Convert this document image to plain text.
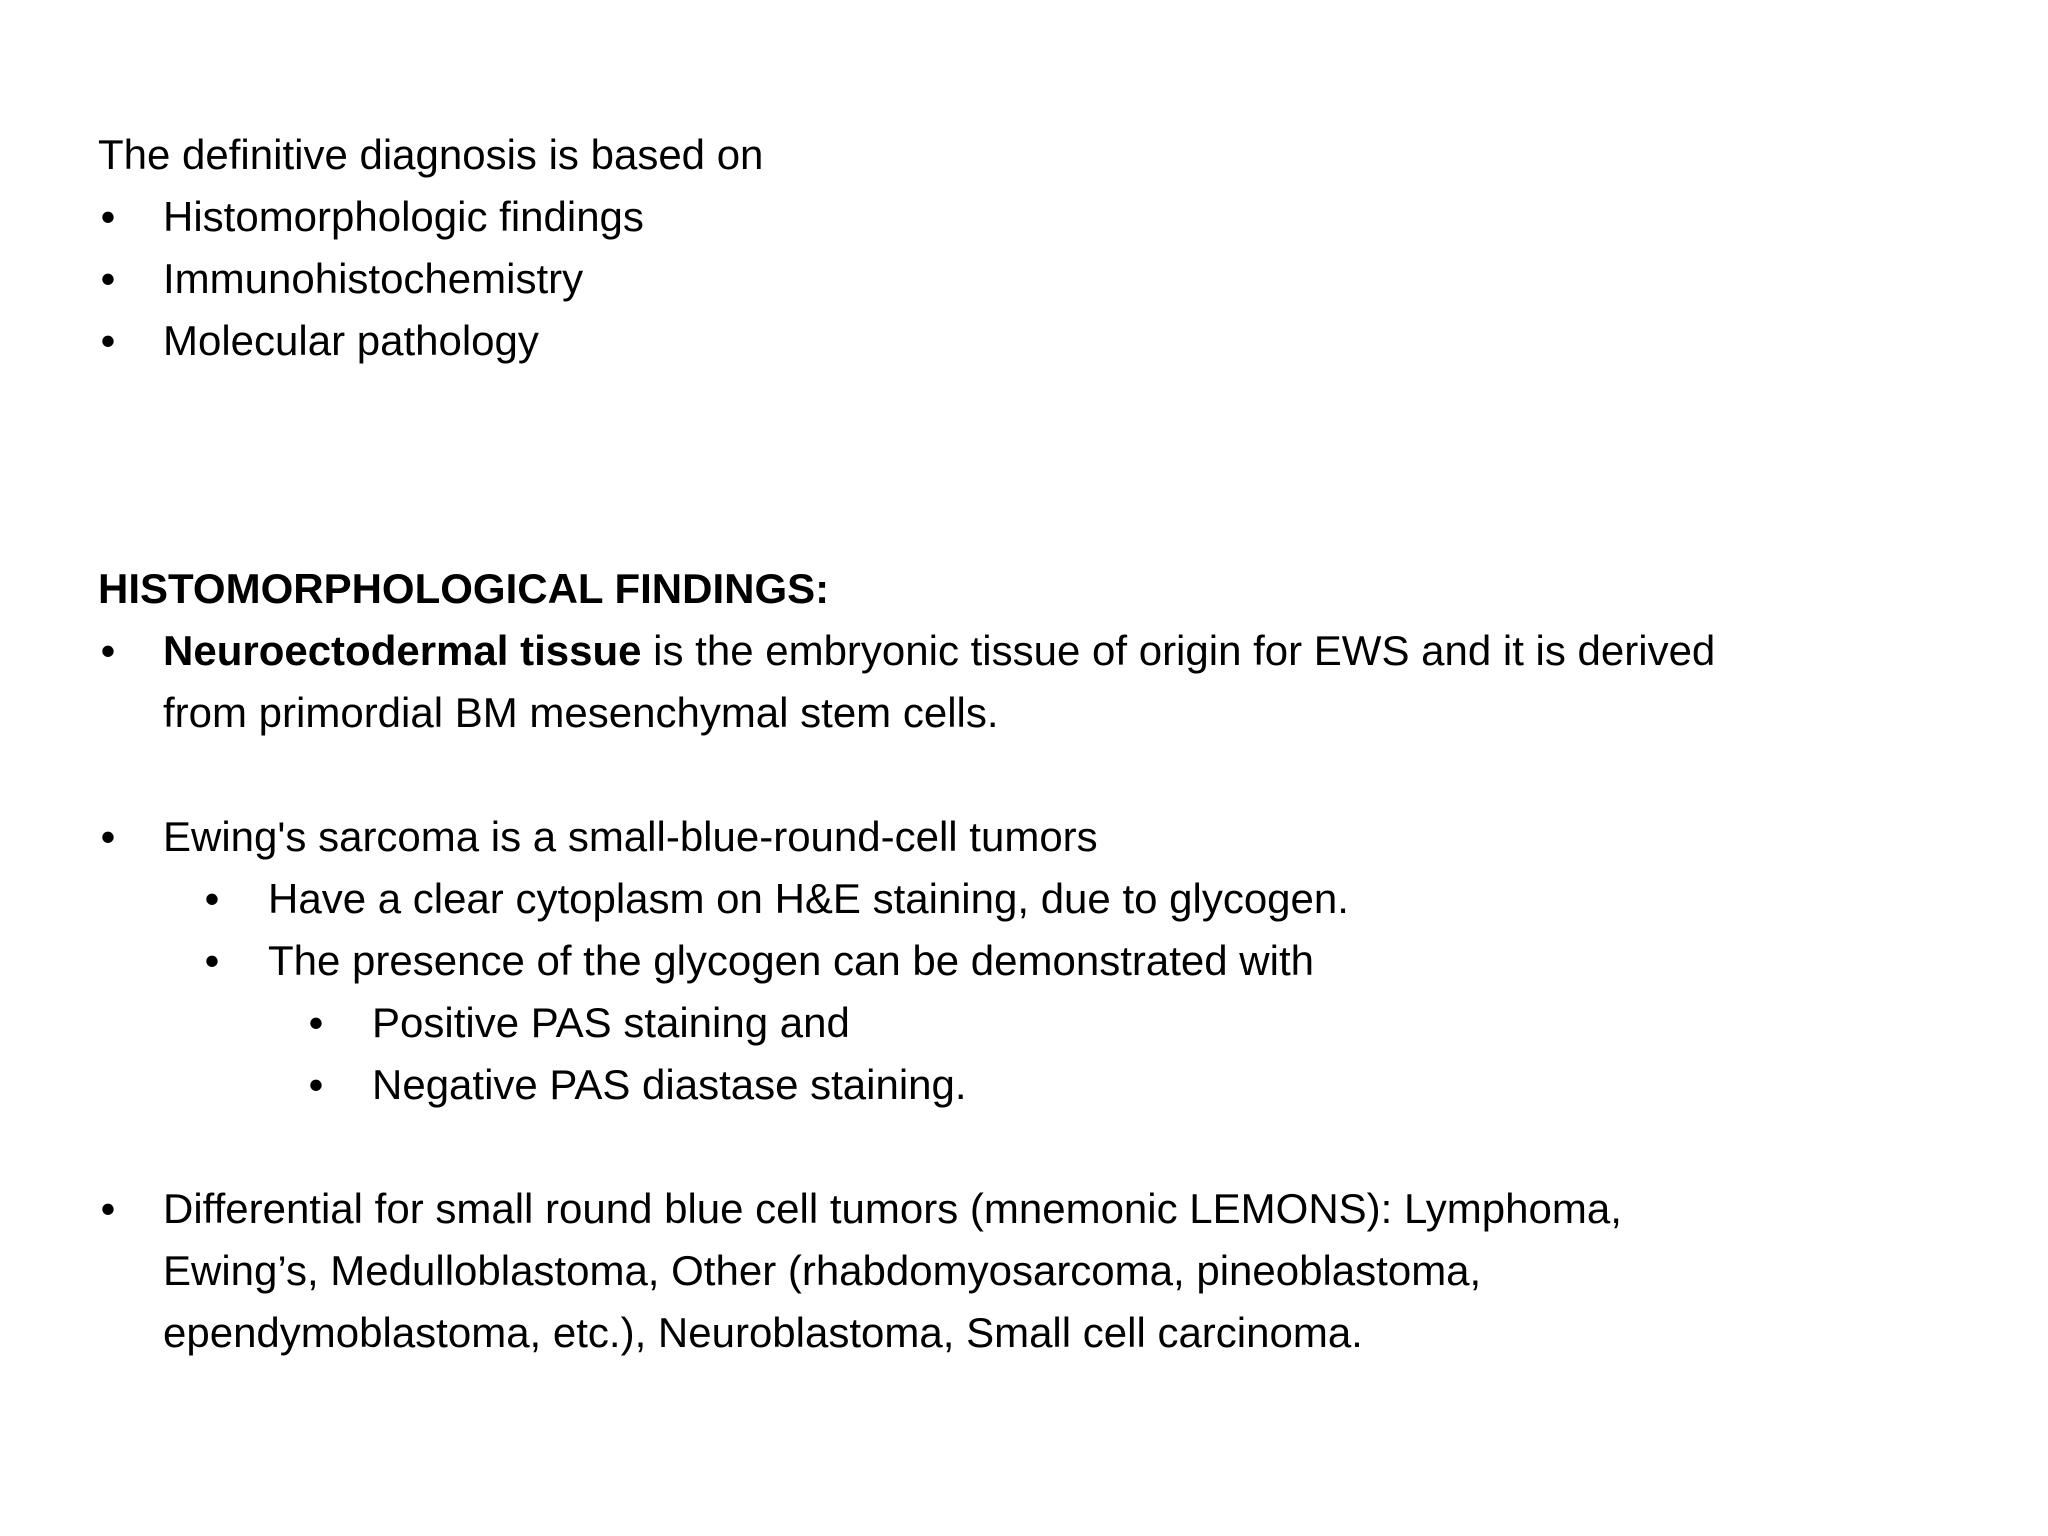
The definitive diagnosis is based on

• Histomorphologic findings
• Immunohistochemistry
• Molecular pathology

HISTOMORPHOLOGICAL FINDINGS:

• Neuroectodermal tissue is the embryonic tissue of origin for EWS and it is derived
from primordial BM mesenchymal stem cells.
• Ewing's sarcoma is a small-blue-round-cell tumors
• Have a clear cytoplasm on H&E staining, due to glycogen.
• The presence of the glycogen can be demonstrated with
• Positive PAS staining and
• Negative PAS diastase staining.
• Differential for small round blue cell tumors (mnemonic LEMONS): Lymphoma,
Ewing’s, Medulloblastoma, Other (rhabdomyosarcoma, pineoblastoma,
ependymoblastoma, etc.), Neuroblastoma, Small cell carcinoma.
